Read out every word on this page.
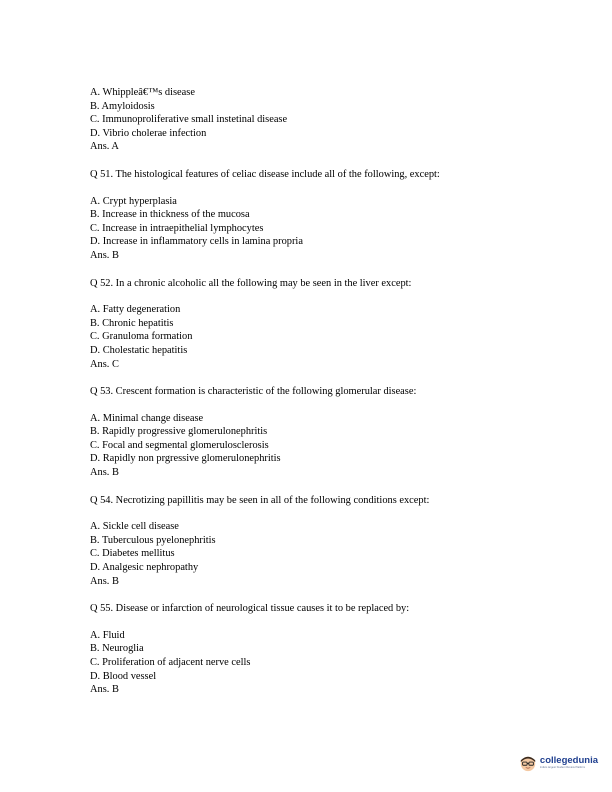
A. Whippleâ€™s disease
B. Amyloidosis
C. Immunoproliferative small instetinal disease
D. Vibrio cholerae infection
Ans. A
Q 51. The histological features of celiac disease include all of the following, except:
A. Crypt hyperplasia
B. Increase in thickness of the mucosa
C. Increase in intraepithelial lymphocytes
D. Increase in inflammatory cells in lamina propria
Ans. B
Q 52. In a chronic alcoholic all the following may be seen in the liver except:
A. Fatty degeneration
B. Chronic hepatitis
C. Granuloma formation
D. Cholestatic hepatitis
Ans. C
Q 53. Crescent formation is characteristic of the following glomerular disease:
A. Minimal change disease
B. Rapidly progressive glomerulonephritis
C. Focal and segmental glomerulosclerosis
D. Rapidly non prgressive glomerulonephritis
Ans. B
Q 54. Necrotizing papillitis may be seen in all of the following conditions except:
A. Sickle cell disease
B. Tuberculous pyelonephritis
C. Diabetes mellitus
D. Analgesic nephropathy
Ans. B
Q 55. Disease or infarction of neurological tissue causes it to be replaced by:
A. Fluid
B. Neuroglia
C. Proliferation of adjacent nerve cells
D. Blood vessel
Ans. B
collegedunia
India's largest Student Review Platform
